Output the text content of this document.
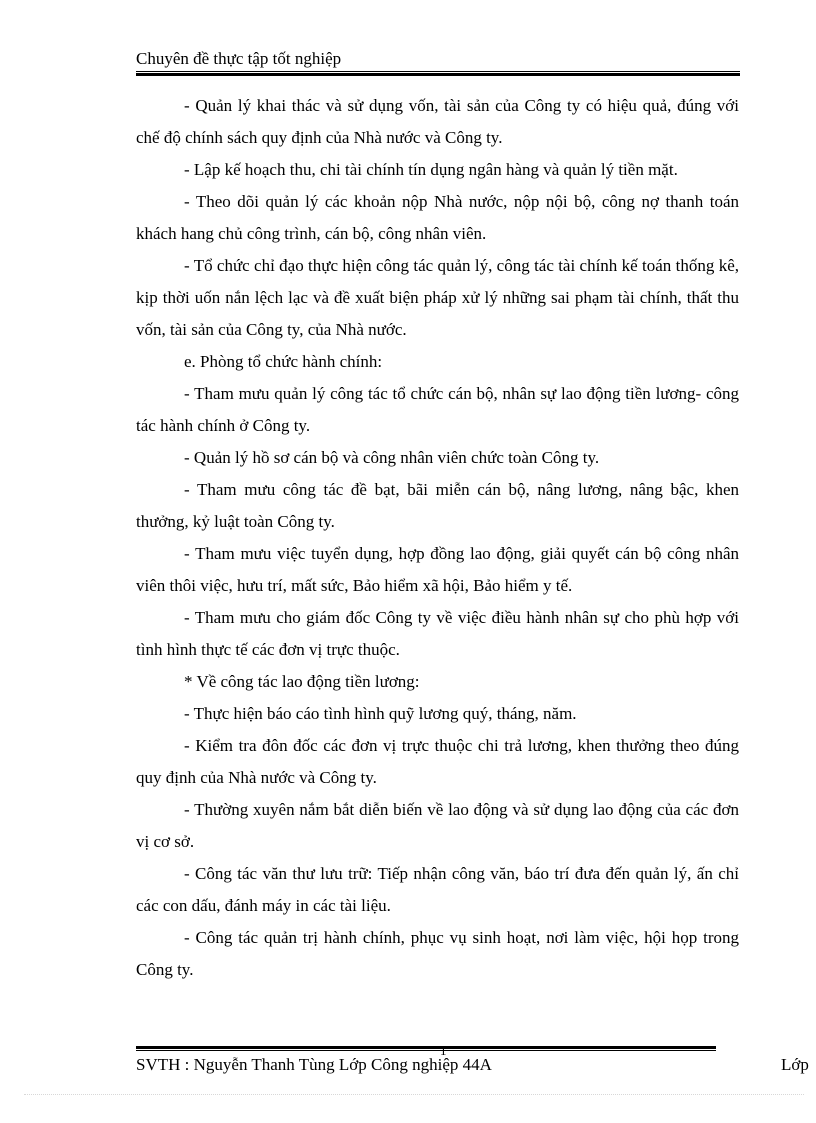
Chuyên đề thực tập tốt nghiệp

- Quản lý khai thác và sử dụng vốn, tài sản của Công ty có hiệu quả, đúng với chế độ chính sách quy định của Nhà nước và Công ty.

- Lập kế hoạch thu, chi tài chính tín dụng ngân hàng và quản lý tiền mặt.

- Theo dõi quản lý các khoản nộp Nhà nước, nộp nội bộ, công nợ thanh toán khách hang chủ công trình, cán bộ, công nhân viên.

- Tổ chức chỉ đạo thực hiện công tác quản lý, công tác tài chính kế toán thống kê, kịp thời uốn nắn lệch lạc và đề xuất biện pháp xử lý những sai phạm tài chính, thất thu vốn, tài sản của Công ty, của Nhà nước.

e. Phòng tổ chức hành chính:

- Tham mưu quản lý công tác tổ chức cán bộ, nhân sự lao động tiền lương- công tác hành chính ở Công ty.

- Quản lý hồ sơ cán bộ và công nhân viên chức toàn Công ty.

- Tham mưu công tác đề bạt, bãi miễn cán bộ, nâng lương, nâng bậc, khen thưởng, kỷ luật toàn Công ty.

- Tham mưu việc tuyển dụng, hợp đồng lao động, giải quyết cán bộ công nhân viên thôi việc, hưu trí, mất sức, Bảo hiểm xã hội, Bảo hiểm y tế.

- Tham mưu cho giám đốc Công ty về việc điều hành nhân sự cho phù hợp với tình hình thực tế các đơn vị trực thuộc.

* Về công tác lao động tiền lương:

- Thực hiện báo cáo tình hình quỹ lương quý, tháng, năm.

- Kiểm tra đôn đốc các đơn vị trực thuộc chi trả lương, khen thưởng theo đúng quy định của Nhà nước và Công ty.

- Thường xuyên nắm bắt diễn biến về lao động và sử dụng lao động của các đơn vị cơ sở.

- Công tác văn thư lưu trữ: Tiếp nhận công văn, báo trí đưa đến quản lý, ấn chỉ các con dấu, đánh máy in các tài liệu.

- Công tác quản trị hành chính, phục vụ sinh hoạt, nơi làm việc, hội họp trong Công ty.

1
SVTH : Nguyễn Thanh Tùng Lớp Công nghiệp 44A	Lớp
